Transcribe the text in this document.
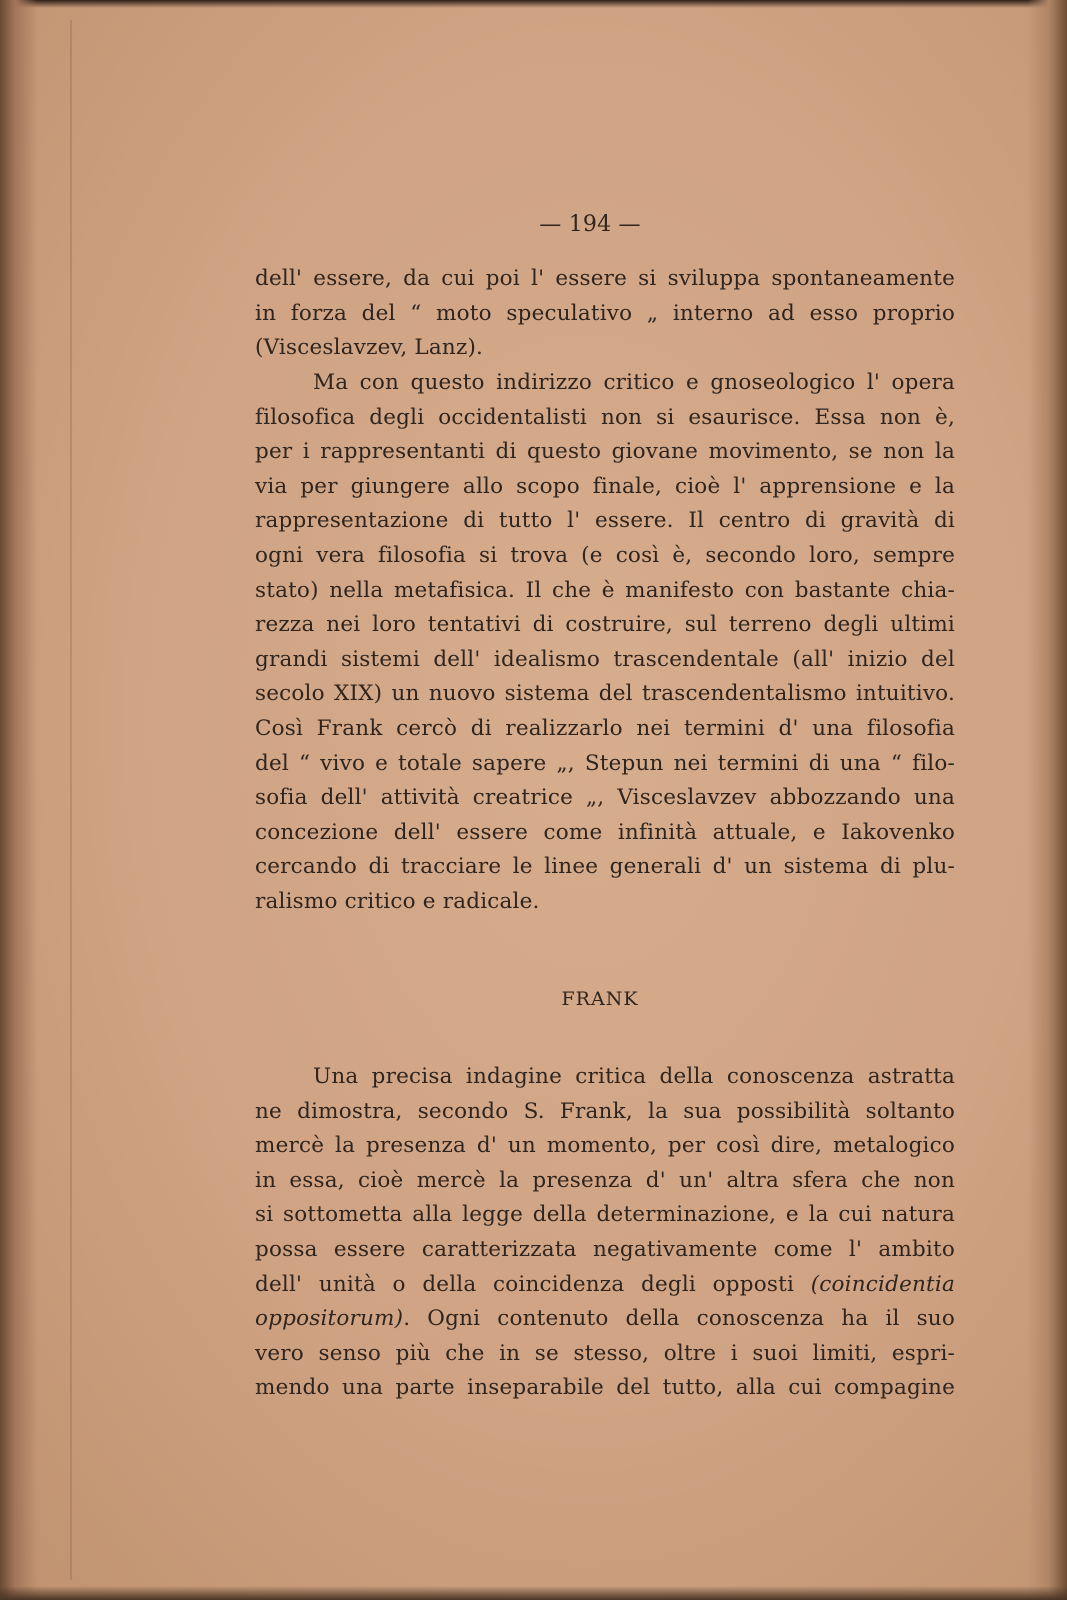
— 194 —
dell' essere, da cui poi l' essere si sviluppa spontaneamente
in forza del “ moto speculativo „ interno ad esso proprio
(Visceslavzev, Lanz).
Ma con questo indirizzo critico e gnoseologico l' opera
filosofica degli occidentalisti non si esaurisce. Essa non è,
per i rappresentanti di questo giovane movimento, se non la
via per giungere allo scopo finale, cioè l' apprensione e la
rappresentazione di tutto l' essere. Il centro di gravità di
ogni vera filosofia si trova (e così è, secondo loro, sempre
stato) nella metafisica. Il che è manifesto con bastante chia-
rezza nei loro tentativi di costruire, sul terreno degli ultimi
grandi sistemi dell' idealismo trascendentale (all' inizio del
secolo XIX) un nuovo sistema del trascendentalismo intuitivo.
Così Frank cercò di realizzarlo nei termini d' una filosofia
del “ vivo e totale sapere „, Stepun nei termini di una “ filo-
sofia dell' attività creatrice „, Visceslavzev abbozzando una
concezione dell' essere come infinità attuale, e Iakovenko
cercando di tracciare le linee generali d' un sistema di plu-
ralismo critico e radicale.
FRANK
Una precisa indagine critica della conoscenza astratta
ne dimostra, secondo S. Frank, la sua possibilità soltanto
mercè la presenza d' un momento, per così dire, metalogico
in essa, cioè mercè la presenza d' un' altra sfera che non
si sottometta alla legge della determinazione, e la cui natura
possa essere caratterizzata negativamente come l' ambito
dell' unità o della coincidenza degli opposti (coincidentia
oppositorum). Ogni contenuto della conoscenza ha il suo
vero senso più che in se stesso, oltre i suoi limiti, espri-
mendo una parte inseparabile del tutto, alla cui compagine
